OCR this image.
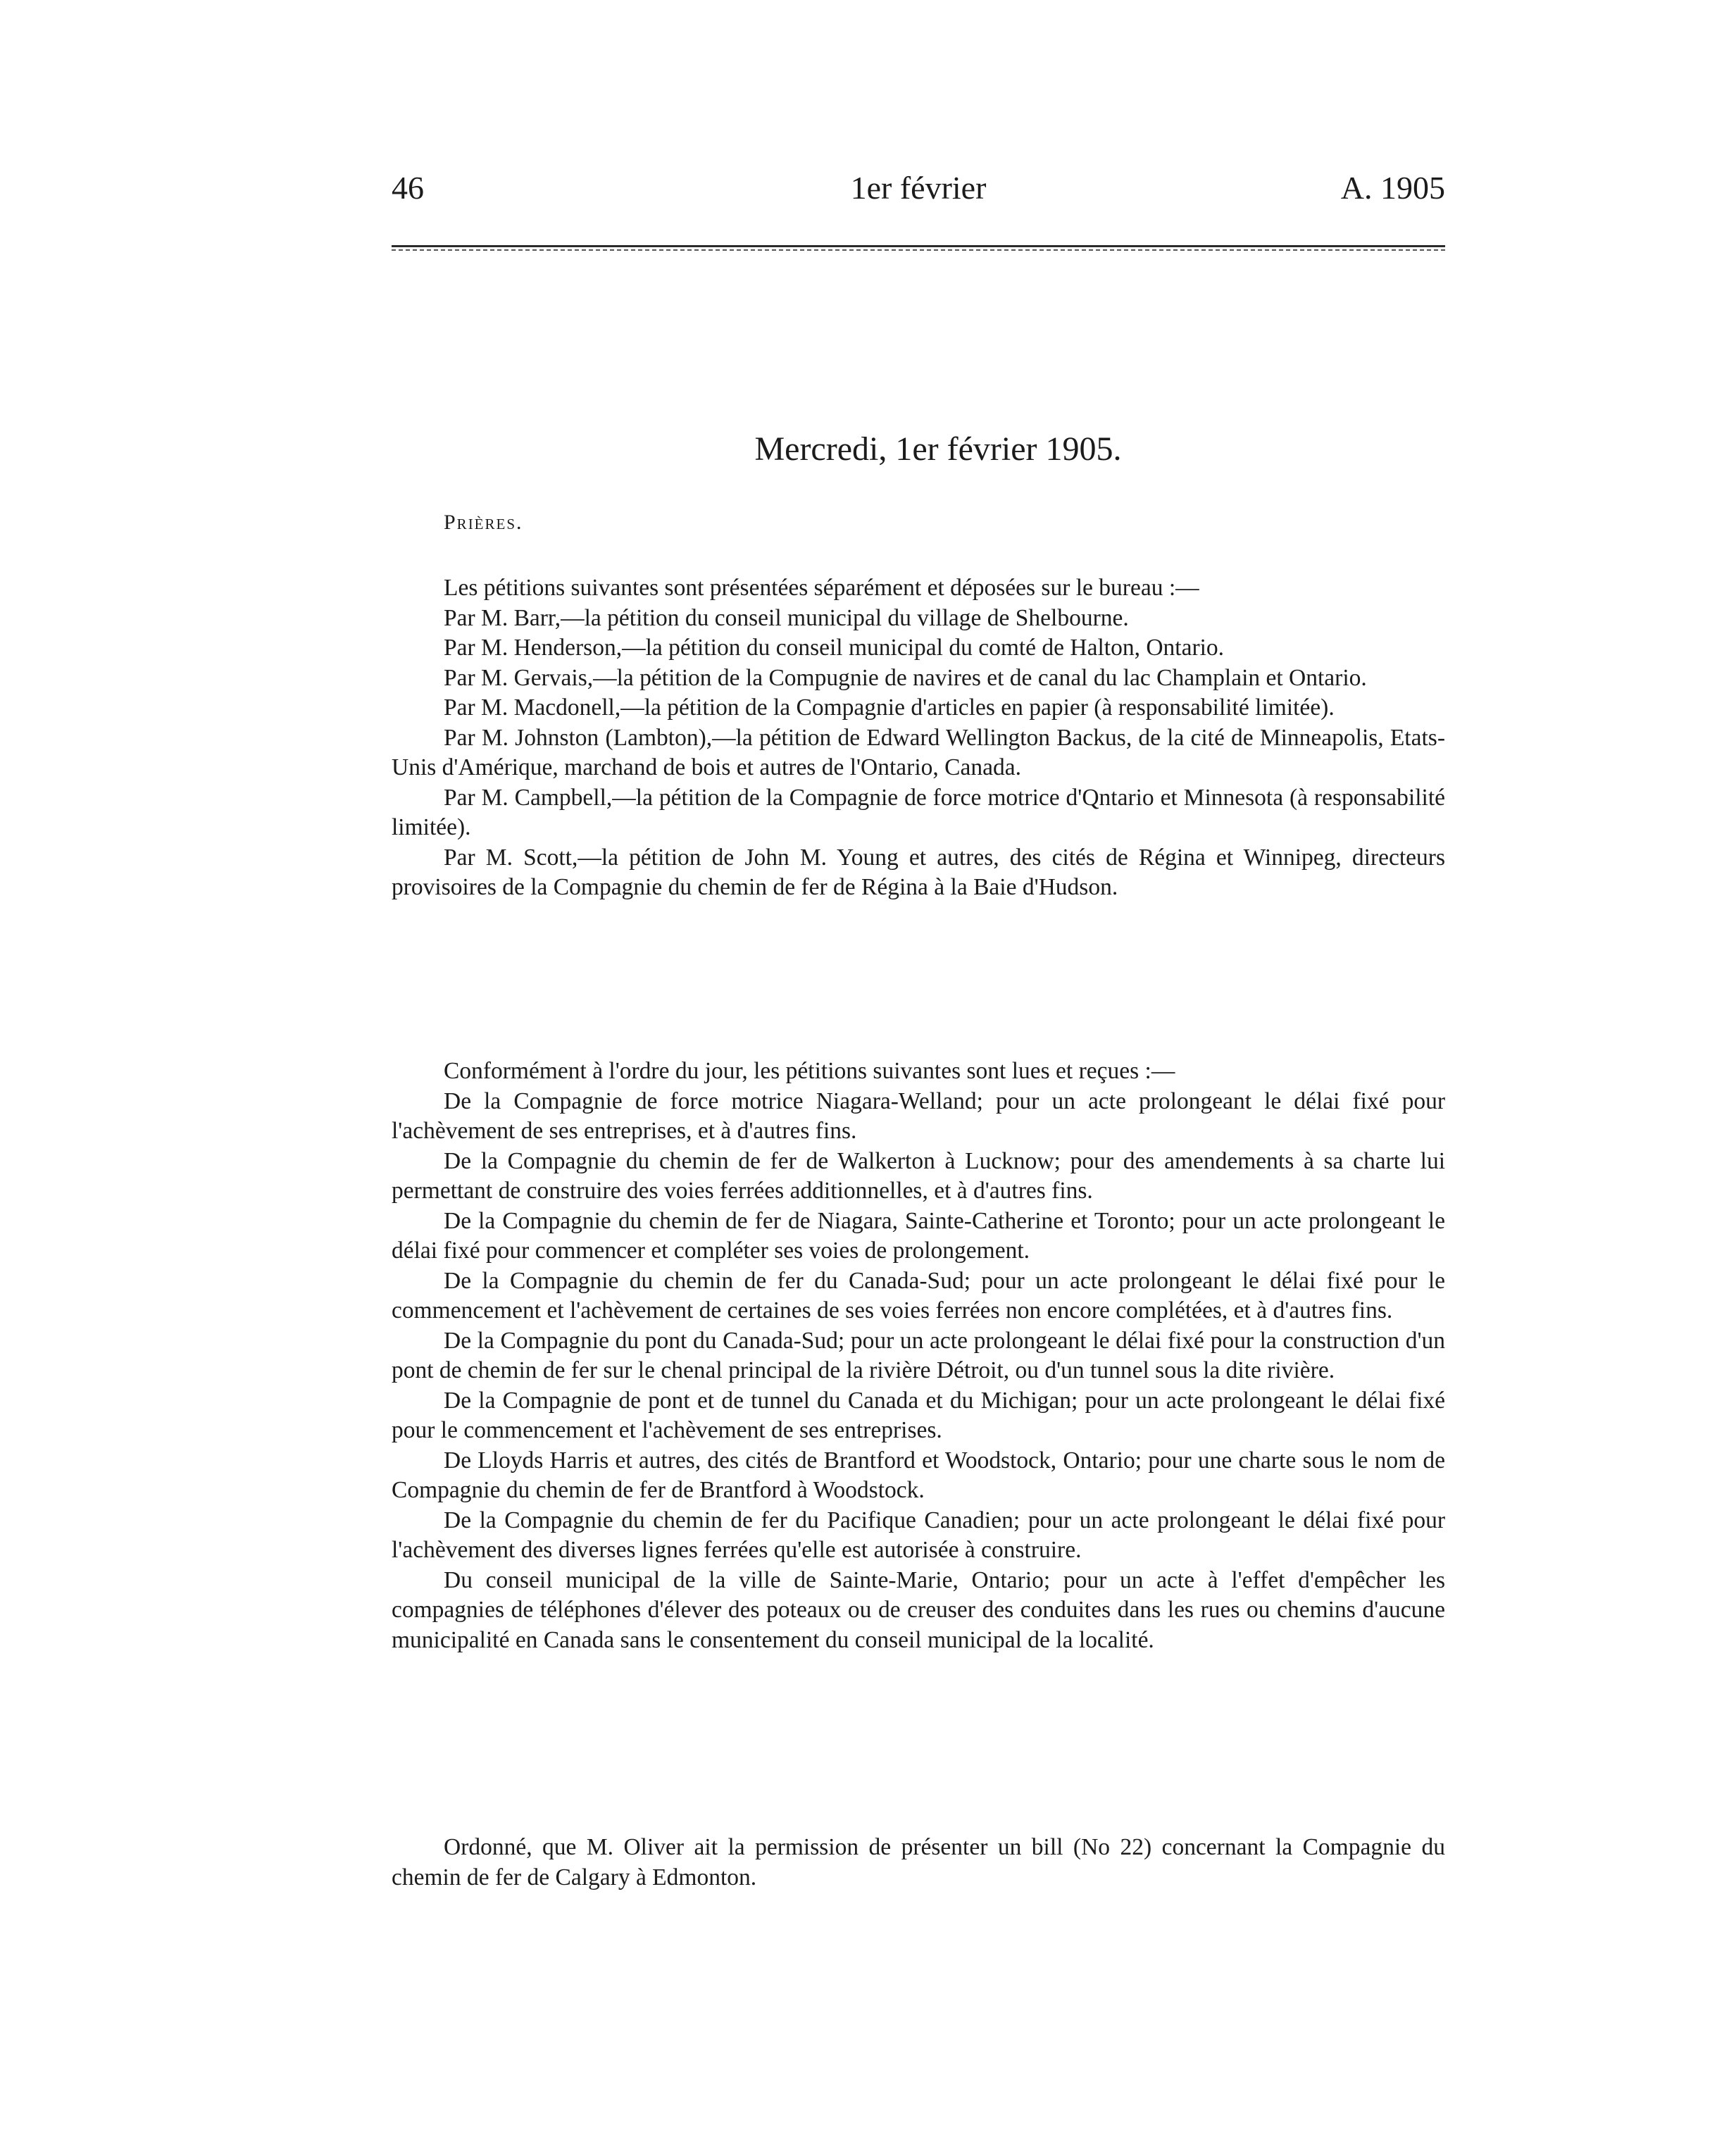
46	1er février	A. 1905
Mercredi, 1er février 1905.
Prières.

Les pétitions suivantes sont présentées séparément et déposées sur le bureau :—

Par M. Barr,—la pétition du conseil municipal du village de Shelbourne.

Par M. Henderson,—la pétition du conseil municipal du comté de Halton, Ontario.

Par M. Gervais,—la pétition de la Compugnie de navires et de canal du lac Champlain et Ontario.

Par M. Macdonell,—la pétition de la Compagnie d'articles en papier (à responsabilité limitée).

Par M. Johnston (Lambton),—la pétition de Edward Wellington Backus, de la cité de Minneapolis, Etats-Unis d'Amérique, marchand de bois et autres de l'Ontario, Canada.

Par M. Campbell,—la pétition de la Compagnie de force motrice d'Qntario et Minnesota (à responsabilité limitée).

Par M. Scott,—la pétition de John M. Young et autres, des cités de Régina et Winnipeg, directeurs provisoires de la Compagnie du chemin de fer de Régina à la Baie d'Hudson.

Conformément à l'ordre du jour, les pétitions suivantes sont lues et reçues :—

De la Compagnie de force motrice Niagara-Welland; pour un acte prolongeant le délai fixé pour l'achèvement de ses entreprises, et à d'autres fins.

De la Compagnie du chemin de fer de Walkerton à Lucknow; pour des amendements à sa charte lui permettant de construire des voies ferrées additionnelles, et à d'autres fins.

De la Compagnie du chemin de fer de Niagara, Sainte-Catherine et Toronto; pour un acte prolongeant le délai fixé pour commencer et compléter ses voies de prolongement.

De la Compagnie du chemin de fer du Canada-Sud; pour un acte prolongeant le délai fixé pour le commencement et l'achèvement de certaines de ses voies ferrées non encore complétées, et à d'autres fins.

De la Compagnie du pont du Canada-Sud; pour un acte prolongeant le délai fixé pour la construction d'un pont de chemin de fer sur le chenal principal de la rivière Détroit, ou d'un tunnel sous la dite rivière.

De la Compagnie de pont et de tunnel du Canada et du Michigan; pour un acte prolongeant le délai fixé pour le commencement et l'achèvement de ses entreprises.

De Lloyds Harris et autres, des cités de Brantford et Woodstock, Ontario; pour une charte sous le nom de Compagnie du chemin de fer de Brantford à Woodstock.

De la Compagnie du chemin de fer du Pacifique Canadien; pour un acte prolongeant le délai fixé pour l'achèvement des diverses lignes ferrées qu'elle est autorisée à construire.

Du conseil municipal de la ville de Sainte-Marie, Ontario; pour un acte à l'effet d'empêcher les compagnies de téléphones d'élever des poteaux ou de creuser des conduites dans les rues ou chemins d'aucune municipalité en Canada sans le consentement du conseil municipal de la localité.

Ordonné, que M. Oliver ait la permission de présenter un bill (No 22) concernant la Compagnie du chemin de fer de Calgary à Edmonton.
